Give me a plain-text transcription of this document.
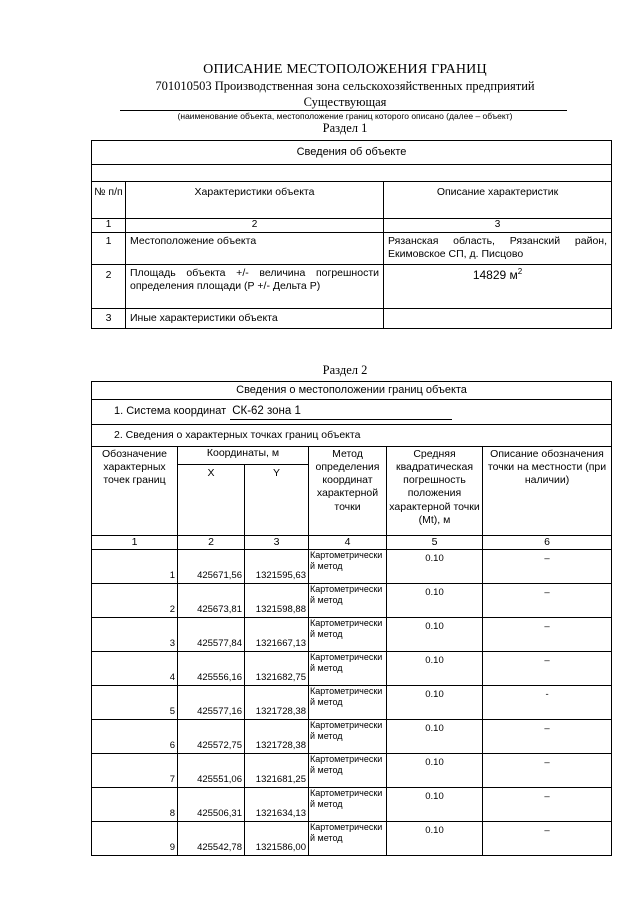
ОПИСАНИЕ МЕСТОПОЛОЖЕНИЯ ГРАНИЦ
701010503 Производственная зона сельскохозяйственных предприятий
Существующая
(наименование объекта, местоположение границ которого описано (далее – объект)
Раздел 1
Сведения об объекте		

№ п/п	Характеристики объекта	Описание характеристик
1	2	3
1	Местоположение объекта	Рязанская область, Рязанский район, Екимовское СП, д. Писцово
2	Площадь объекта +/- величина погрешности определения площади (Р +/- Дельта Р)	14829 $м^2$
3	Иные характеристики объекта	
Раздел 2
Сведения о местоположении границ объекта					
1. Система координат СК-62 зона 1					
2. Сведения о характерных точках границ объекта					
Обозначение характерных точек границ	Координаты, м		Метод определения координат характерной точки	Средняя квадратическая погрешность положения характерной точки (Mt), м	Описание обозначения точки на местности (при наличии)
	X	Y			
1	2	3	4	5	6
1	425671,56	1321595,63	Картометрический метод	0.10	–
2	425673,81	1321598,88	Картометрический метод	0.10	–
3	425577,84	1321667,13	Картометрический метод	0.10	–
4	425556,16	1321682,75	Картометрический метод	0.10	–
5	425577,16	1321728,38	Картометрический метод	0.10	-
6	425572,75	1321728,38	Картометрический метод	0.10	–
7	425551,06	1321681,25	Картометрический метод	0.10	–
8	425506,31	1321634,13	Картометрический метод	0.10	–
9	425542,78	1321586,00	Картометрический метод	0.10	–
